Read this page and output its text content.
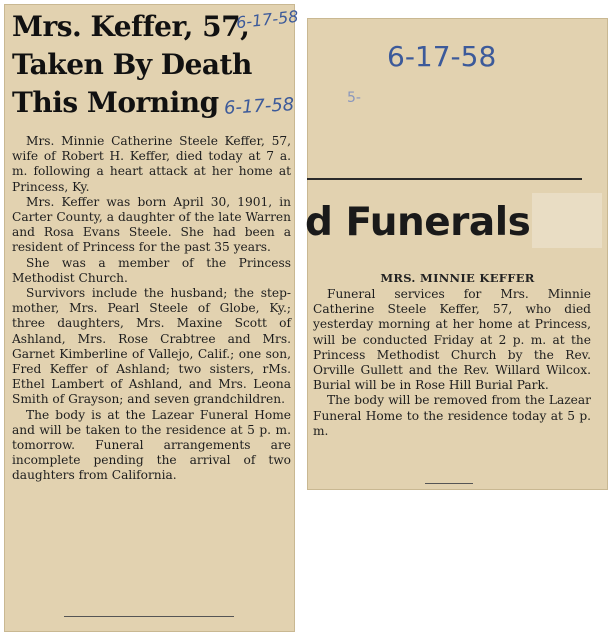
Mrs. Keffer, 57,
Taken By Death
This Morning
6-17-58
6-17-58

Mrs. Minnie Catherine Steele Keffer, 57, wife of Robert H. Keffer, died today at 7 a. m. following a heart attack at her home at Princess, Ky.

Mrs. Keffer was born April 30, 1901, in Carter County, a daughter of the late Warren and Rosa Evans Steele. She had been a resident of Princess for the past 35 years.

She was a member of the Princess Methodist Church.

Survivors include the husband; the step-mother, Mrs. Pearl Steele of Globe, Ky.; three daughters, Mrs. Maxine Scott of Ashland, Mrs. Rose Crabtree and Mrs. Garnet Kimberline of Vallejo, Calif.; one son, Fred Keffer of Ashland; two sisters, rMs. Ethel Lambert of Ashland, and Mrs. Leona Smith of Grayson; and seven grandchildren.

The body is at the Lazear Funeral Home and will be taken to the residence at 5 p. m. tomorrow. Funeral arrangements are incomplete pending the arrival of two daughters from California.

6-17-58
5-
d Funerals
MRS. MINNIE KEFFER

Funeral services for Mrs. Minnie Catherine Steele Keffer, 57, who died yesterday morning at her home at Princess, will be conducted Friday at 2 p. m. at the Princess Methodist Church by the Rev. Orville Gullett and the Rev. Willard Wilcox. Burial will be in Rose Hill Burial Park.

The body will be removed from the Lazear Funeral Home to the residence today at 5 p. m.
